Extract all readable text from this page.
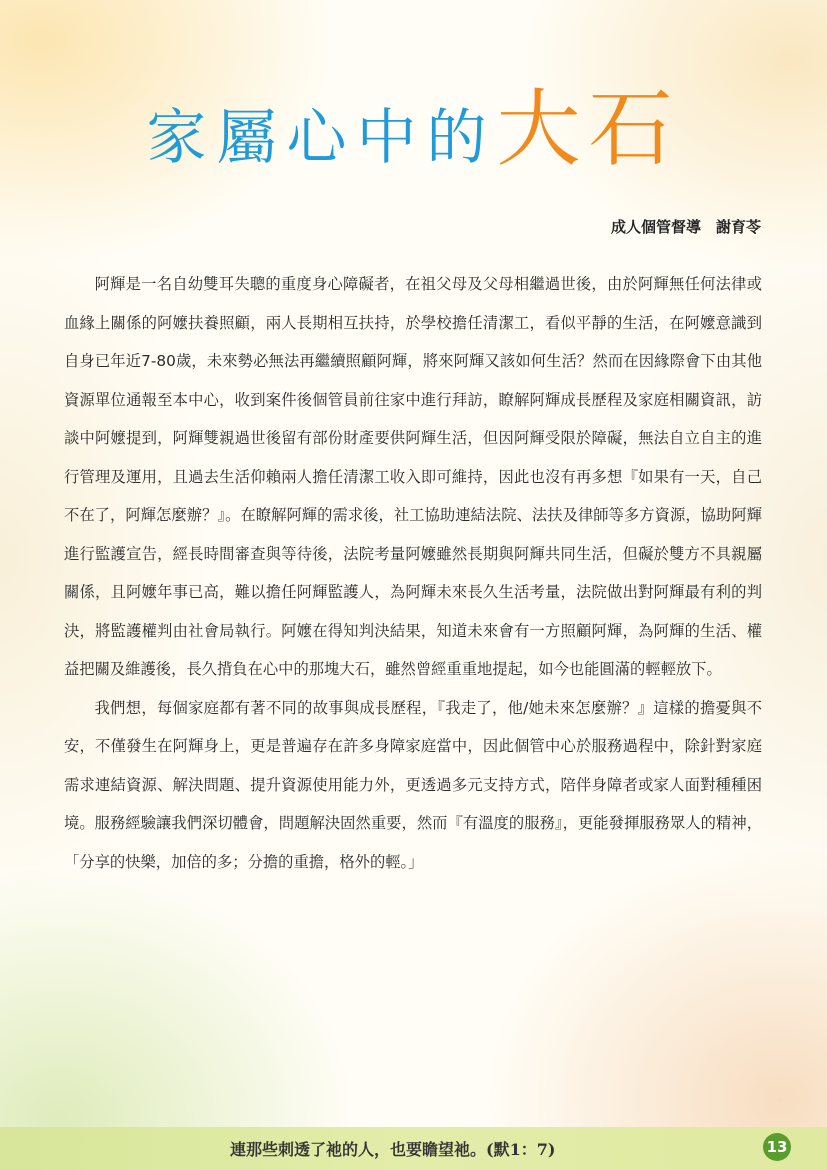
家屬心中的大石
成人個管督導　謝育苓

阿輝是一名自幼雙耳失聰的重度身心障礙者，在祖父母及父母相繼過世後，由於阿輝無任何法律或血緣上關係的阿嬤扶養照顧，兩人長期相互扶持，於學校擔任清潔工，看似平靜的生活，在阿嬤意識到自身已年近7-80歲，未來勢必無法再繼續照顧阿輝，將來阿輝又該如何生活？然而在因緣際會下由其他資源單位通報至本中心，收到案件後個管員前往家中進行拜訪，瞭解阿輝成長歷程及家庭相關資訊，訪談中阿嬤提到，阿輝雙親過世後留有部份財產要供阿輝生活，但因阿輝受限於障礙，無法自立自主的進行管理及運用，且過去生活仰賴兩人擔任清潔工收入即可維持，因此也沒有再多想『如果有一天，自己不在了，阿輝怎麼辦？』。在瞭解阿輝的需求後，社工協助連結法院、法扶及律師等多方資源，協助阿輝進行監護宣告，經長時間審查與等待後，法院考量阿嬤雖然長期與阿輝共同生活，但礙於雙方不具親屬關係，且阿嬤年事已高，難以擔任阿輝監護人，為阿輝未來長久生活考量，法院做出對阿輝最有利的判決，將監護權判由社會局執行。阿嬤在得知判決結果，知道未來會有一方照顧阿輝，為阿輝的生活、權益把關及維護後，長久揹負在心中的那塊大石，雖然曾經重重地提起，如今也能圓滿的輕輕放下。

我們想，每個家庭都有著不同的故事與成長歷程，『我走了，他/她未來怎麼辦？』這樣的擔憂與不安，不僅發生在阿輝身上，更是普遍存在許多身障家庭當中，因此個管中心於服務過程中，除針對家庭需求連結資源、解決問題、提升資源使用能力外，更透過多元支持方式，陪伴身障者或家人面對種種困境。服務經驗讓我們深切體會，問題解決固然重要，然而『有溫度的服務』，更能發揮服務眾人的精神，「分享的快樂，加倍的多；分擔的重擔，格外的輕。」

連那些刺透了祂的人，也要瞻望祂。(默1：7)	13
